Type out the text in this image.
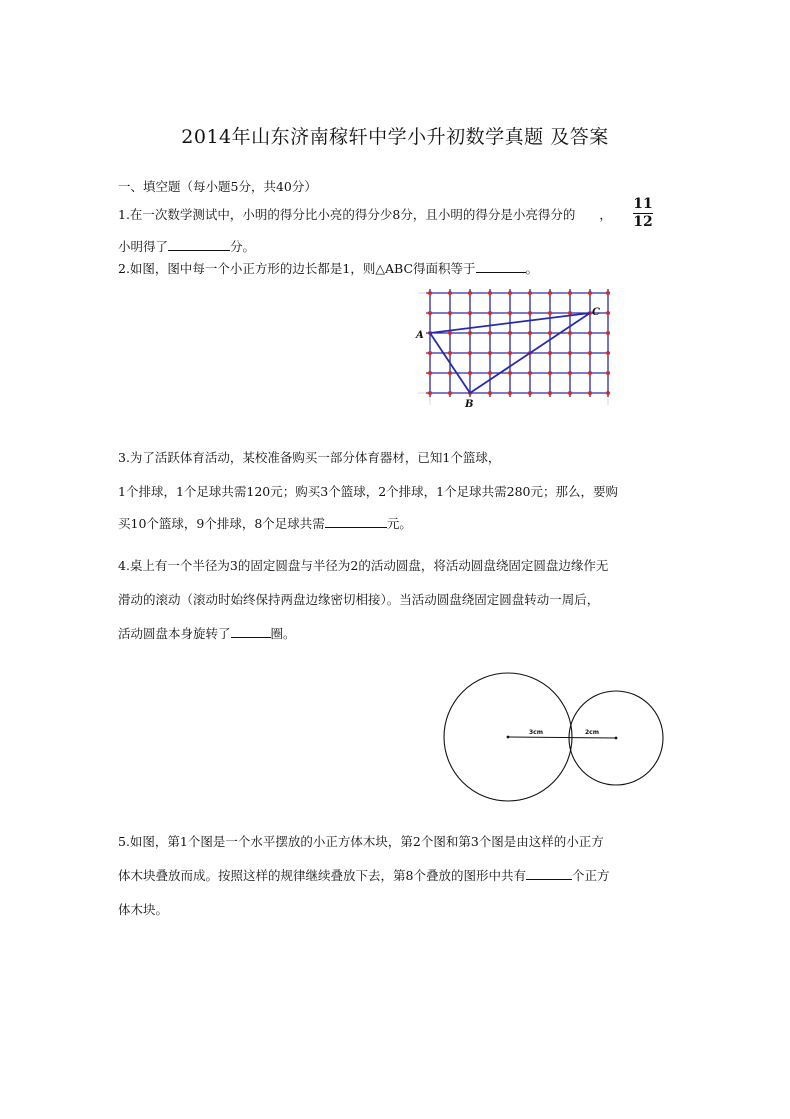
2014年山东济南稼轩中学小升初数学真题 及答案
一、填空题（每小题5分，共40分）
1.在一次数学测试中，小明的得分比小亮的得分少8分，且小明的得分是小亮得分的 ，
11
12
小明得了	分。
2.如图，图中每一个小正方形的边长都是1，则△ABC得面积等于	。
A
B
C
3.为了活跃体育活动，某校准备购买一部分体育器材，已知1个篮球，
1个排球，1个足球共需120元；购买3个篮球，2个排球，1个足球共需280元；那么，要购
买10个篮球，9个排球，8个足球共需	元。
4.桌上有一个半径为3的固定圆盘与半径为2的活动圆盘，将活动圆盘绕固定圆盘边缘作无
滑动的滚动（滚动时始终保持两盘边缘密切相接）。当活动圆盘绕固定圆盘转动一周后，
活动圆盘本身旋转了	圈。
3cm	2cm
5.如图，第1个图是一个水平摆放的小正方体木块，第2个图和第3个图是由这样的小正方
体木块叠放而成。按照这样的规律继续叠放下去，第8个叠放的图形中共有	个正方
体木块。
